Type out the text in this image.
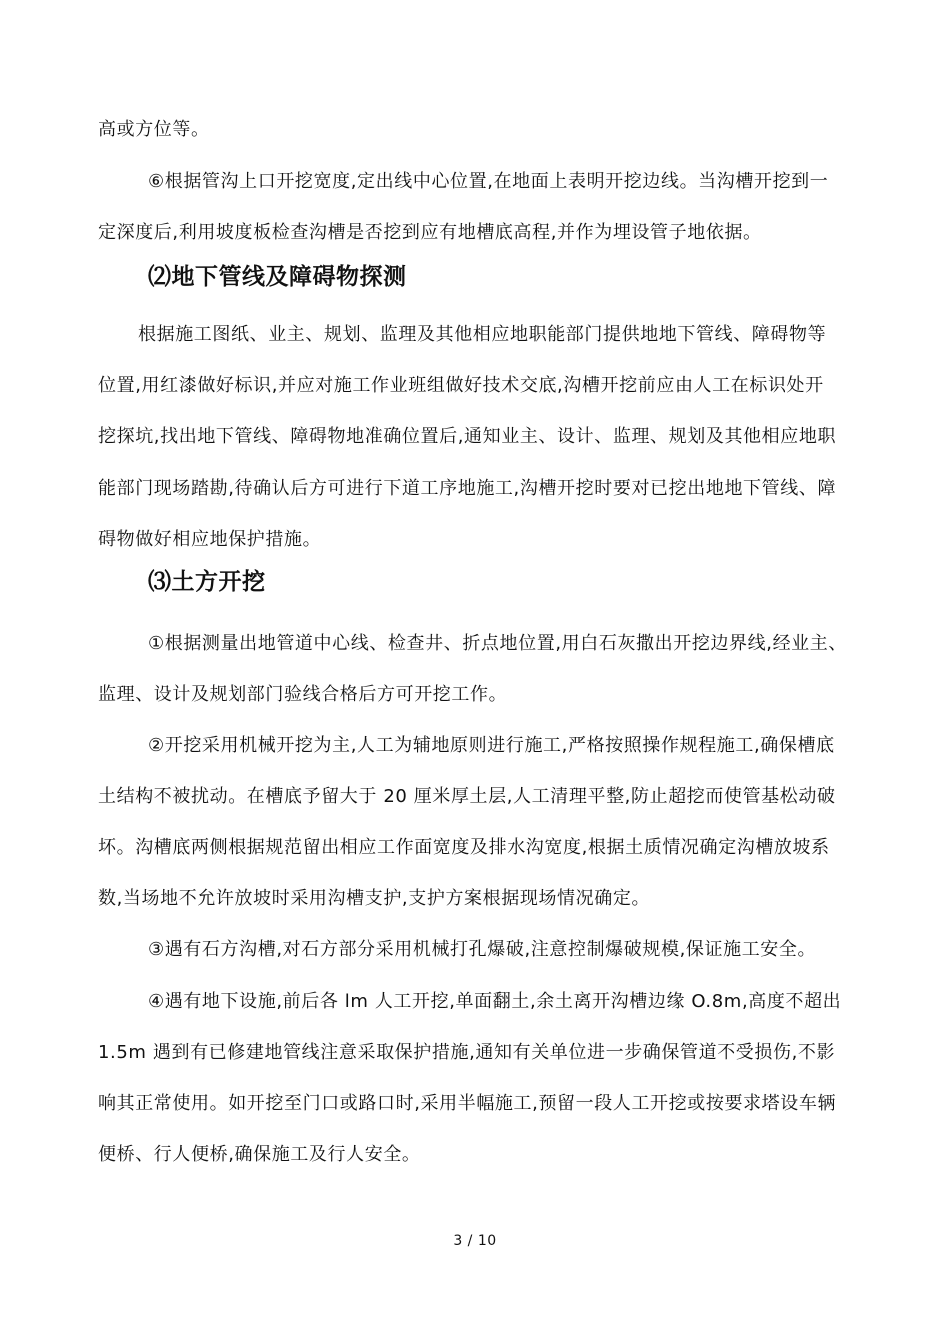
高或方位等。
⑥根据管沟上口开挖宽度,定出线中心位置,在地面上表明开挖边线。当沟槽开挖到一
定深度后,利用坡度板检查沟槽是否挖到应有地槽底高程,并作为埋设管子地依据。
⑵地下管线及障碍物探测
根据施工图纸、业主、规划、监理及其他相应地职能部门提供地地下管线、障碍物等
位置,用红漆做好标识,并应对施工作业班组做好技术交底,沟槽开挖前应由人工在标识处开
挖探坑,找出地下管线、障碍物地准确位置后,通知业主、设计、监理、规划及其他相应地职
能部门现场踏勘,待确认后方可进行下道工序地施工,沟槽开挖时要对已挖出地地下管线、障
碍物做好相应地保护措施。
⑶土方开挖
①根据测量出地管道中心线、检查井、折点地位置,用白石灰撒出开挖边界线,经业主、
监理、设计及规划部门验线合格后方可开挖工作。
②开挖采用机械开挖为主,人工为辅地原则进行施工,严格按照操作规程施工,确保槽底
土结构不被扰动。在槽底予留大于 20 厘米厚土层,人工清理平整,防止超挖而使管基松动破
坏。沟槽底两侧根据规范留出相应工作面宽度及排水沟宽度,根据土质情况确定沟槽放坡系
数,当场地不允许放坡时采用沟槽支护,支护方案根据现场情况确定。
③遇有石方沟槽,对石方部分采用机械打孔爆破,注意控制爆破规模,保证施工安全。
④遇有地下设施,前后各 lm 人工开挖,单面翻土,余土离开沟槽边缘 O.8m,高度不超出
1.5m 遇到有已修建地管线注意采取保护措施,通知有关单位进一步确保管道不受损伤,不影
响其正常使用。如开挖至门口或路口时,采用半幅施工,预留一段人工开挖或按要求塔设车辆
便桥、行人便桥,确保施工及行人安全。
3 / 10
